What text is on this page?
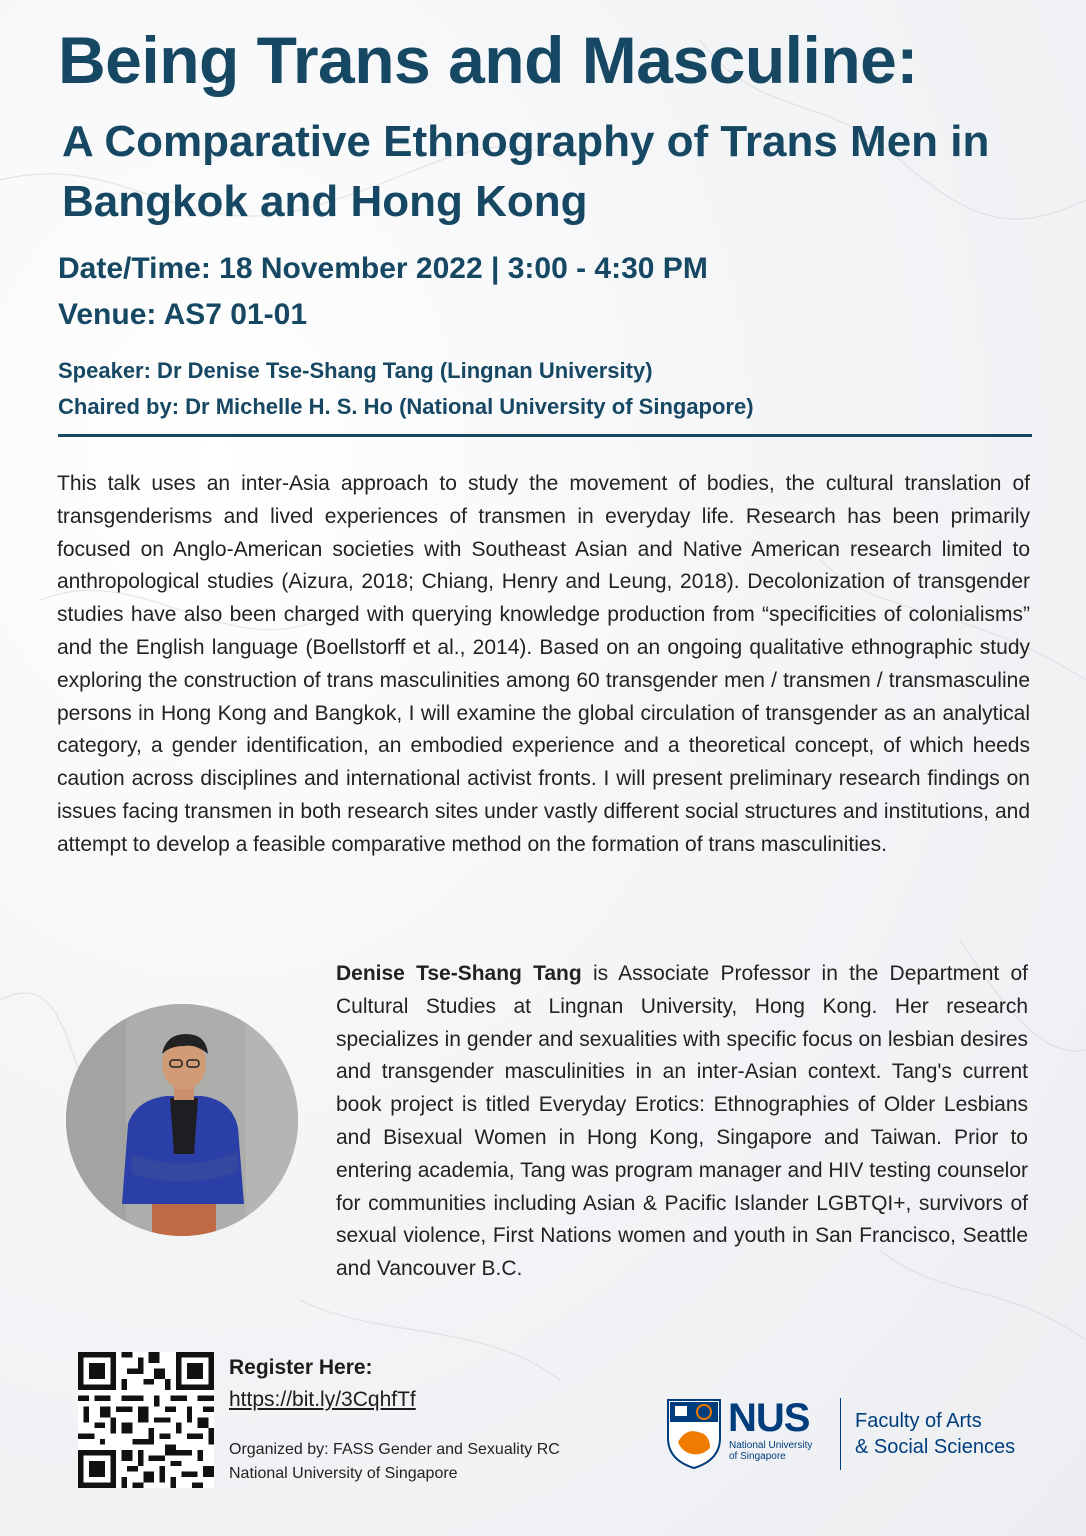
Being Trans and Masculine:
A Comparative Ethnography of Trans Men in Bangkok and Hong Kong
Date/Time: 18 November 2022 | 3:00 - 4:30 PM
Venue: AS7 01-01
Speaker: Dr Denise Tse-Shang Tang (Lingnan University)
Chaired by: Dr Michelle H. S. Ho (National University of Singapore)
This talk uses an inter-Asia approach to study the movement of bodies, the cultural translation of transgenderisms and lived experiences of transmen in everyday life. Research has been primarily focused on Anglo-American societies with Southeast Asian and Native American research limited to anthropological studies (Aizura, 2018; Chiang, Henry and Leung, 2018). Decolonization of transgender studies have also been charged with querying knowledge production from “specificities of colonialisms” and the English language (Boellstorff et al., 2014). Based on an ongoing qualitative ethnographic study exploring the construction of trans masculinities among 60 transgender men / transmen / transmasculine persons in Hong Kong and Bangkok, I will examine the global circulation of transgender as an analytical category, a gender identification, an embodied experience and a theoretical concept, of which heeds caution across disciplines and international activist fronts. I will present preliminary research findings on issues facing transmen in both research sites under vastly different social structures and institutions, and attempt to develop a feasible comparative method on the formation of trans masculinities.
Denise Tse-Shang Tang is Associate Professor in the Department of Cultural Studies at Lingnan University, Hong Kong. Her research specializes in gender and sexualities with specific focus on lesbian desires and transgender masculinities in an inter-Asian context. Tang's current book project is titled Everyday Erotics: Ethnographies of Older Lesbians and Bisexual Women in Hong Kong, Singapore and Taiwan. Prior to entering academia, Tang was program manager and HIV testing counselor for communities including Asian & Pacific Islander LGBTQI+, survivors of sexual violence, First Nations women and youth in San Francisco, Seattle and Vancouver B.C.
Register Here:
https://bit.ly/3CqhfTf
Organized by: FASS Gender and Sexuality RC
National University of Singapore
NUS
National University
of Singapore
Faculty of Arts
& Social Sciences
